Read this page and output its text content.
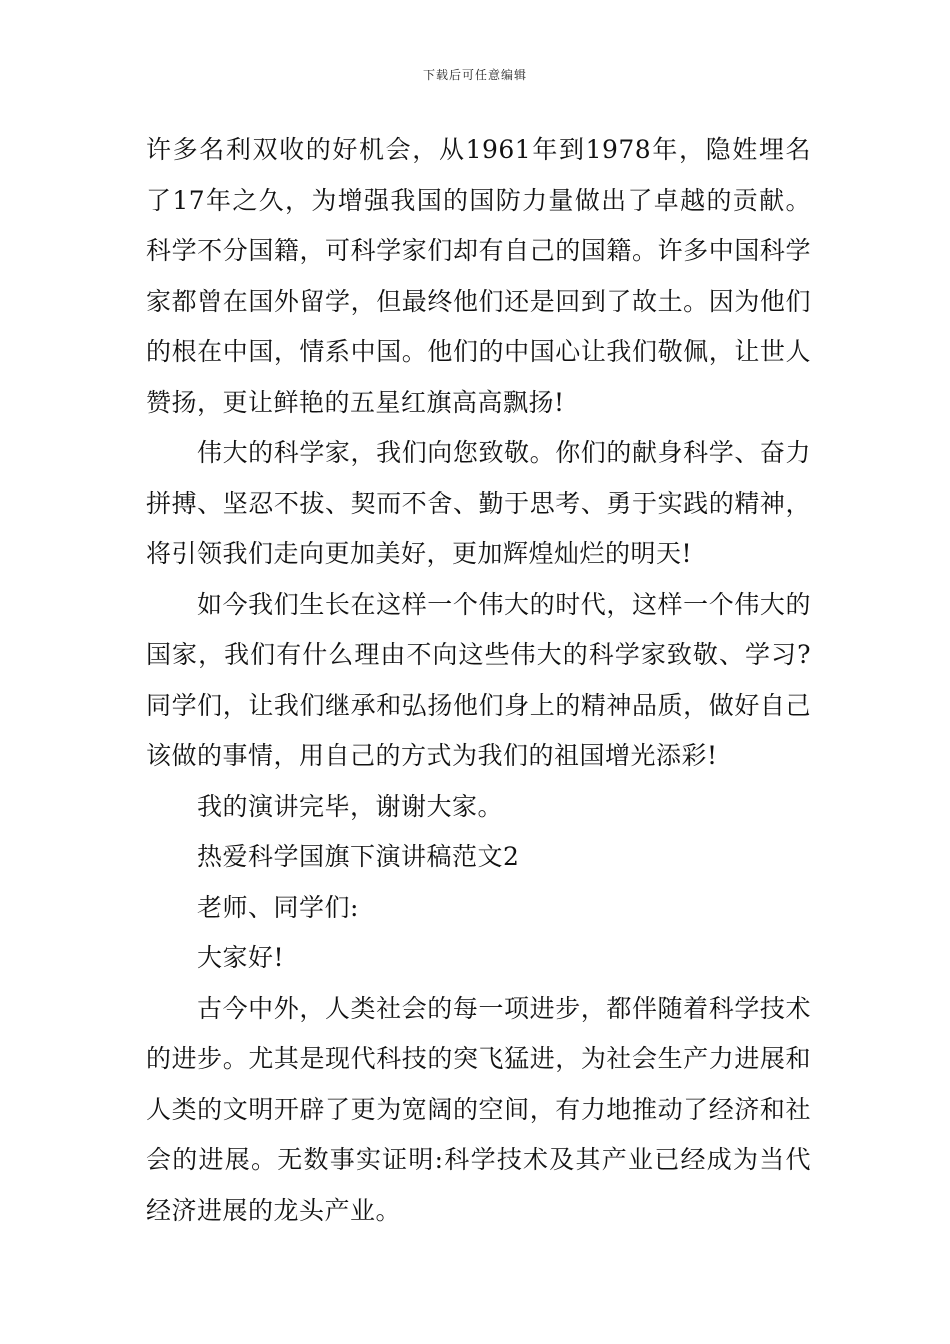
下载后可任意编辑

许多名利双收的好机会，从1961年到1978年，隐姓埋名了17年之久，为增强我国的国防力量做出了卓越的贡献。科学不分国籍，可科学家们却有自己的国籍。许多中国科学家都曾在国外留学，但最终他们还是回到了故土。因为他们的根在中国，情系中国。他们的中国心让我们敬佩，让世人赞扬，更让鲜艳的五星红旗高高飘扬!

伟大的科学家，我们向您致敬。你们的献身科学、奋力拼搏、坚忍不拔、契而不舍、勤于思考、勇于实践的精神，将引领我们走向更加美好，更加辉煌灿烂的明天!

如今我们生长在这样一个伟大的时代，这样一个伟大的国家，我们有什么理由不向这些伟大的科学家致敬、学习?同学们，让我们继承和弘扬他们身上的精神品质，做好自己该做的事情，用自己的方式为我们的祖国增光添彩!

我的演讲完毕，谢谢大家。

热爱科学国旗下演讲稿范文2

老师、同学们:

大家好!

古今中外，人类社会的每一项进步，都伴随着科学技术的进步。尤其是现代科技的突飞猛进，为社会生产力进展和人类的文明开辟了更为宽阔的空间，有力地推动了经济和社会的进展。无数事实证明:科学技术及其产业已经成为当代经济进展的龙头产业。
